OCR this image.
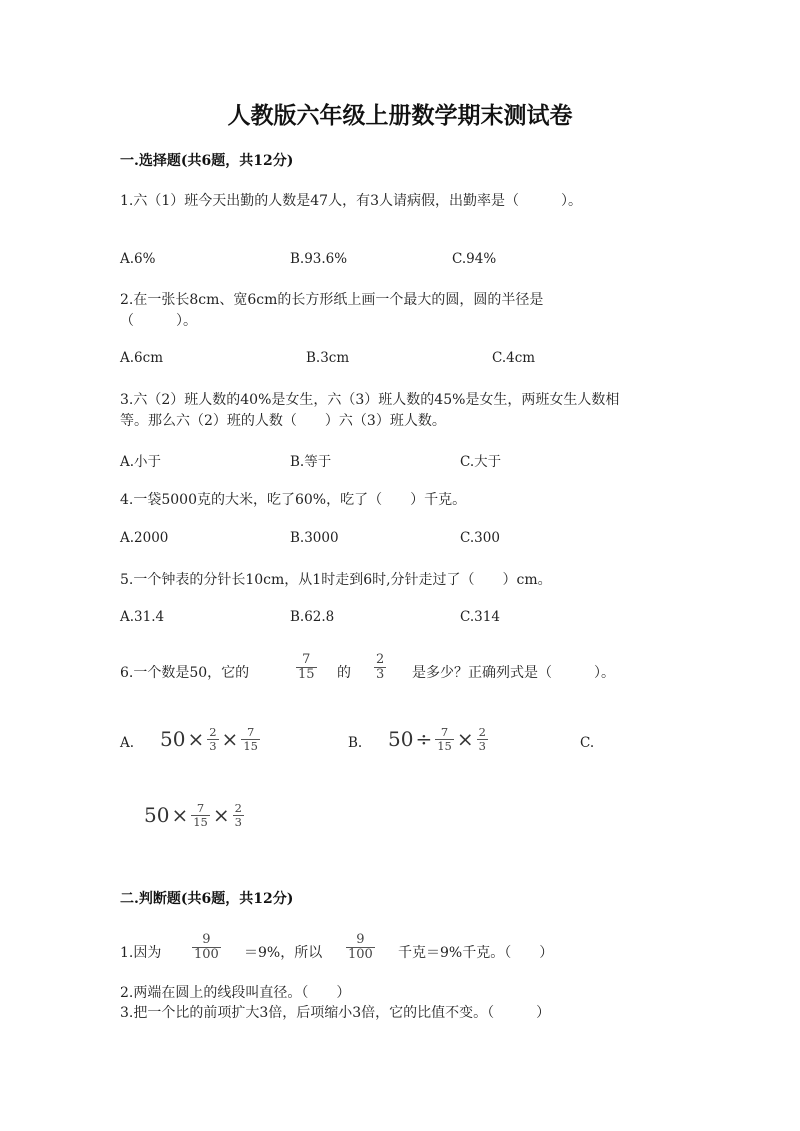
人教版六年级上册数学期末测试卷
一.选择题(共6题，共12分)
1.六（1）班今天出勤的人数是47人，有3人请病假，出勤率是（　　　）。
A.6%	B.93.6%	C.94%
2.在一张长8cm、宽6cm的长方形纸上画一个最大的圆，圆的半径是
（　　　）。
A.6cm	B.3cm	C.4cm
3.六（2）班人数的40%是女生，六（3）班人数的45%是女生，两班女生人数相
等。那么六（2）班的人数（　　）六（3）班人数。
A.小于	B.等于	C.大于
4.一袋5000克的大米，吃了60%，吃了（　　）千克。
A.2000	B.3000	C.300
5.一个钟表的分针长10cm，从1时走到6时,分针走过了（　　）cm。
A.31.4	B.62.8	C.314
6.一个数是50，它的	$\frac{7}{15}$ 的 $\frac{2}{3}$ 是多少？正确列式是（　　　）。
A. $50 \times \frac{2}{3} \times \frac{7}{15}$	B. $50 \div \frac{7}{15} \times \frac{2}{3}$	C.
$50 \times \frac{7}{15} \times \frac{2}{3}$
二.判断题(共6题，共12分)
1.因为 $\frac{9}{100} =9\%$，所以 $\frac{9}{100}$ 千克＝9%千克。（　　）
2.两端在圆上的线段叫直径。（　　）
3.把一个比的前项扩大3倍，后项缩小3倍，它的比值不变。（　　　）
